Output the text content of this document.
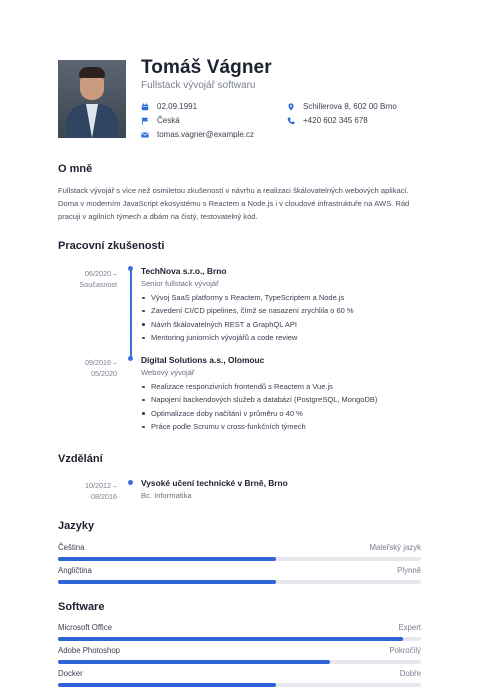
Tomáš Vágner

Fullstack vývojář softwaru

02.09.1991	Schillerova 8, 602 00 Brno
Česká	+420 602 345 678
tomas.vagner@example.cz
O mně

Fullstack vývojář s více než osmiletou zkušeností v návrhu a realizaci škálovatelných webových aplikací. Doma v moderním JavaScript ekosystému s Reactem a Node.js i v cloudové infrastruktuře na AWS. Rád pracuji v agilních týmech a dbám na čistý, testovatelný kód.

Pracovní zkušenosti
06/2020 –
Současnost
TechNova s.r.o., Brno
Senior fullstack vývojář
Vývoj SaaS platformy s Reactem, TypeScriptem a Node.js
Zavedení CI/CD pipelines, čímž se nasazení zrychlila o 60 %
Návrh škálovatelných REST a GraphQL API
Mentoring juniorních vývojářů a code review
09/2016 –
05/2020
Digital Solutions a.s., Olomouc
Webový vývojář
Realizace responzivních frontendů s Reactem a Vue.js
Napojení backendových služeb a databází (PostgreSQL, MongoDB)
Optimalizace doby načítání v průměru o 40 %
Práce podle Scrumu v cross-funkčních týmech
Vzdělání
10/2012 –
08/2016
Vysoké učení technické v Brně, Brno
Bc. Informatika
Jazyky
Čeština	Mateřský jazyk
Angličtina	Plynně
Software
Microsoft Office	Expert
Adobe Photoshop	Pokročilý
Docker	Dobře
